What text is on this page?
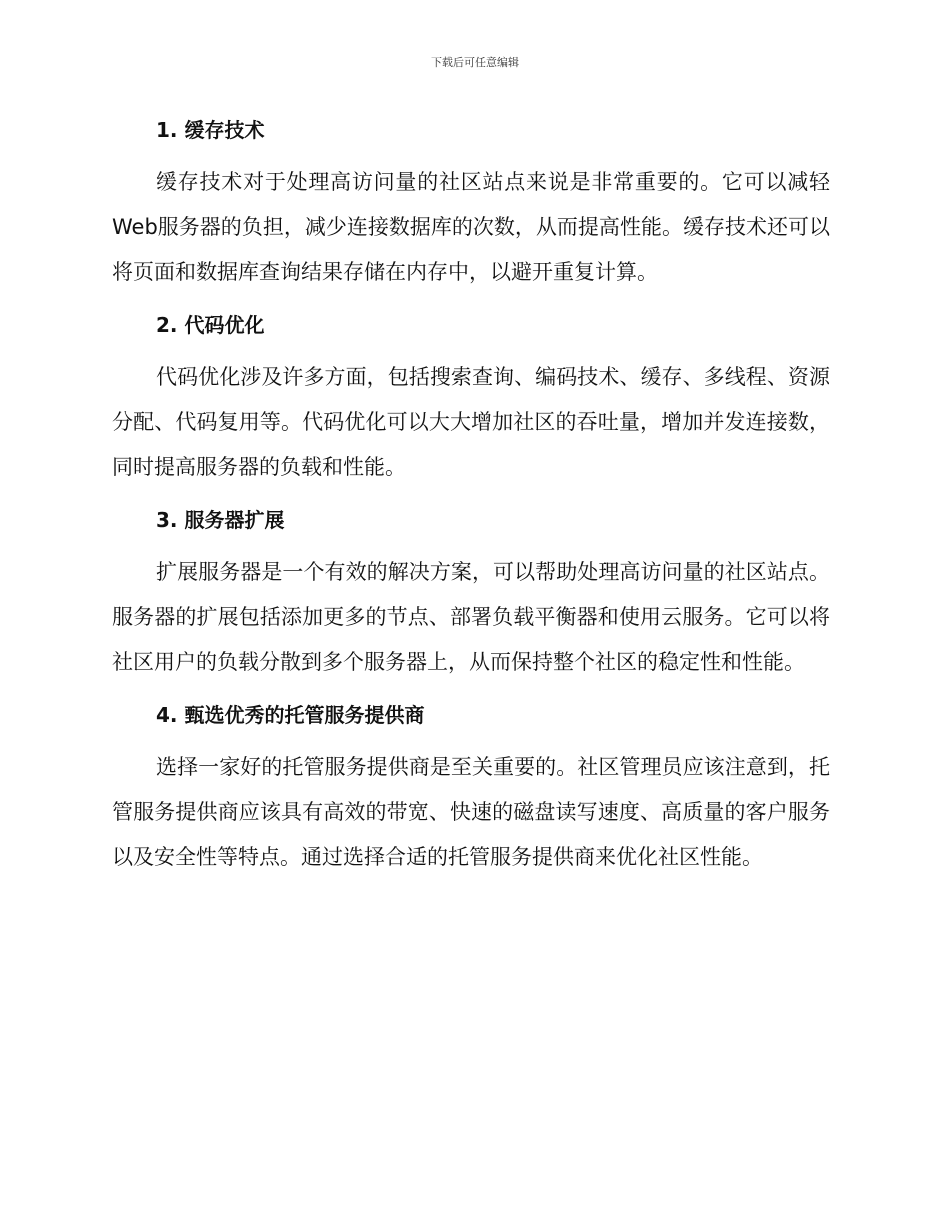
下载后可任意编辑
1. 缓存技术

缓存技术对于处理高访问量的社区站点来说是非常重要的。它可以减轻Web服务器的负担，减少连接数据库的次数，从而提高性能。缓存技术还可以将页面和数据库查询结果存储在内存中，以避开重复计算。

2. 代码优化

代码优化涉及许多方面，包括搜索查询、编码技术、缓存、多线程、资源分配、代码复用等。代码优化可以大大增加社区的吞吐量，增加并发连接数，同时提高服务器的负载和性能。

3. 服务器扩展

扩展服务器是一个有效的解决方案，可以帮助处理高访问量的社区站点。服务器的扩展包括添加更多的节点、部署负载平衡器和使用云服务。它可以将社区用户的负载分散到多个服务器上，从而保持整个社区的稳定性和性能。

4. 甄选优秀的托管服务提供商

选择一家好的托管服务提供商是至关重要的。社区管理员应该注意到，托管服务提供商应该具有高效的带宽、快速的磁盘读写速度、高质量的客户服务以及安全性等特点。通过选择合适的托管服务提供商来优化社区性能。
